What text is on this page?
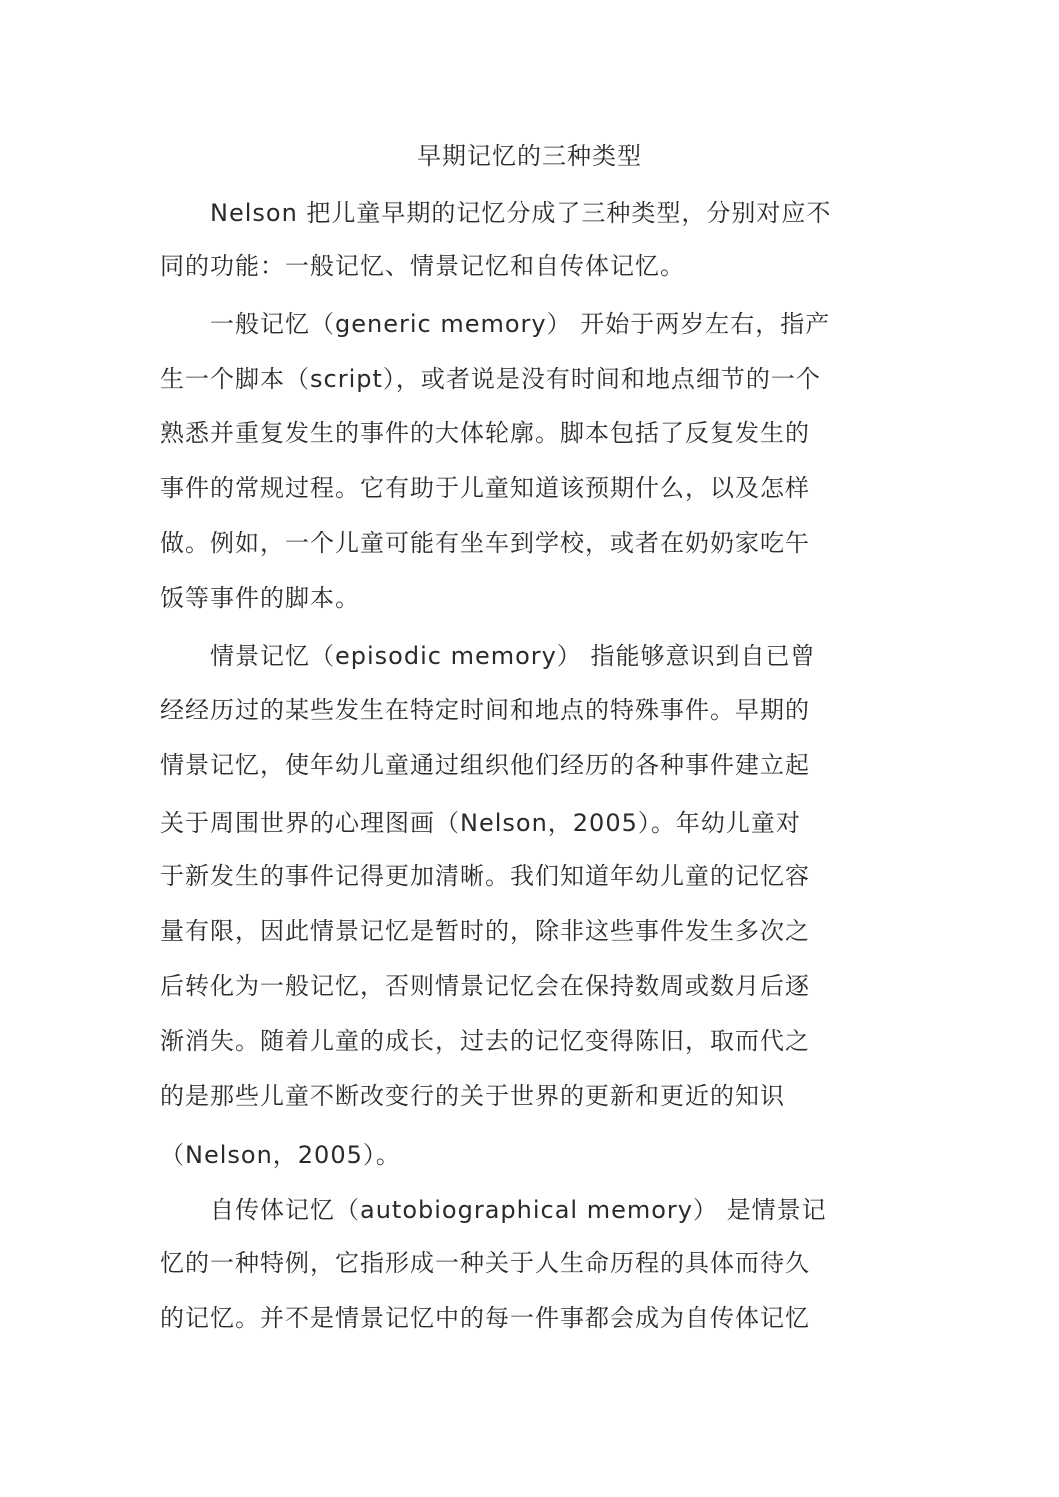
早期记忆的三种类型
Nelson 把儿童早期的记忆分成了三种类型，分别对应不
同的功能：一般记忆、情景记忆和自传体记忆。
一般记忆（generic memory） 开始于两岁左右，指产
生一个脚本（script），或者说是没有时间和地点细节的一个
熟悉并重复发生的事件的大体轮廓。脚本包括了反复发生的
事件的常规过程。它有助于儿童知道该预期什么，以及怎样
做。例如，一个儿童可能有坐车到学校，或者在奶奶家吃午
饭等事件的脚本。
情景记忆（episodic memory） 指能够意识到自已曾
经经历过的某些发生在特定时间和地点的特殊事件。早期的
情景记忆，使年幼儿童通过组织他们经历的各种事件建立起
关于周围世界的心理图画（Nelson，2005）。年幼儿童对
于新发生的事件记得更加清晰。我们知道年幼儿童的记忆容
量有限，因此情景记忆是暂时的，除非这些事件发生多次之
后转化为一般记忆，否则情景记忆会在保持数周或数月后逐
渐消失。随着儿童的成长，过去的记忆变得陈旧，取而代之
的是那些儿童不断改变行的关于世界的更新和更近的知识
（Nelson，2005）。
自传体记忆（autobiographical memory） 是情景记
忆的一种特例，它指形成一种关于人生命历程的具体而待久
的记忆。并不是情景记忆中的每一件事都会成为自传体记忆
